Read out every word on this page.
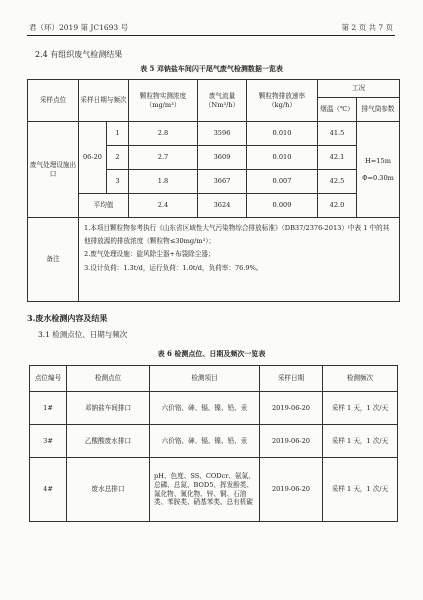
君（环）2019 第 JC1693 号	第 2 页 共 7 页
2.4 有组织废气检测结果
表 5 邓钠盐车间闪干尾气废气检测数据一览表
采样点位	采样日期与频次		颗粒物实测浓度（mg/m³）	废气流量（Nm³/h）	颗粒物排放速率（kg/h）	工况	
						烟温（℃）	排气筒参数
废气处理设施出口	06-20	1	2.8	3596	0.010	41.5	H=15m
Φ=0.30m

		2	2.7	3609	0.010	42.1	
		3	1.8	3667	0.007	42.5	
	平均值		2.4	3624	0.009	42.0	
备注	1.本项目颗粒物参考执行《山东省区域性大气污染物综合排放标准》（DB37/2376-2013）中表 1 中的其他排放源的排放浓度（颗粒物≤30mg/m³）；
2.废气处理设施：旋风除尘器+布袋除尘器；
3.设计负荷：1.3t/d，运行负荷：1.0t/d，负荷率：76.9%。						
3.废水检测内容及结果
3.1 检测点位、日期与频次
表 6 检测点位、日期及频次一览表
点位编号	检测点位	检测项目	采样日期	检测频次
1#	邓钠盐车间排口	六价铬、砷、镉、镍、铅、汞	2019-06-20	采样 1 天，1 次/天
3#	乙酸酸废水排口	六价铬、砷、镉、镍、铅、汞	2019-06-20	采样 1 天，1 次/天
4#	废水总排口	pH、色度、SS、CODcr、氨氮、总磷、总氮、BOD5、挥发酚类、氟化物、氰化物、锌、铜、石油类、苯胺类、硝基苯类、总有机碳	2019-06-20	采样 1 天，1 次/天
